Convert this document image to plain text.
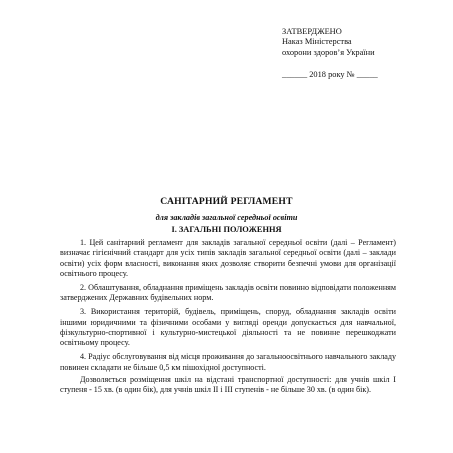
ЗАТВЕРДЖЕНО
Наказ Міністерства
охорони здоров’я України
______ 2018 року № _____
САНІТАРНИЙ РЕГЛАМЕНТ
для закладів загальної середньої освіти
І. ЗАГАЛЬНІ ПОЛОЖЕННЯ

1. Цей санітарний регламент для закладів загальної середньої освіти (далі – Регламент) визначає гігієнічний стандарт для усіх типів закладів загальної середньої освіти (далі – заклади освіти) усіх форм власності, виконання яких дозволяє створити безпечні умови для організації освітнього процесу.

2. Облаштування, обладнання приміщень закладів освіти повинно відповідати положенням затверджених Державних будівельних норм.

3. Використання територій, будівель, приміщень, споруд, обладнання закладів освіти іншими юридичними та фізичними особами у вигляді оренди допускається для навчальної, фізкультурно-спортивної і культурно-мистецької діяльності та не повинне перешкоджати освітньому процесу.

4. Радіус обслуговування від місця проживання до загальноосвітнього навчального закладу повинен складати не більше 0,5 км пішохідної доступності.

Дозволяється розміщення шкіл на відстані транспортної доступності: для учнів шкіл І ступеня - 15 хв. (в один бік), для учнів шкіл ІІ і ІІІ ступенів - не більше 30 хв. (в один бік).
